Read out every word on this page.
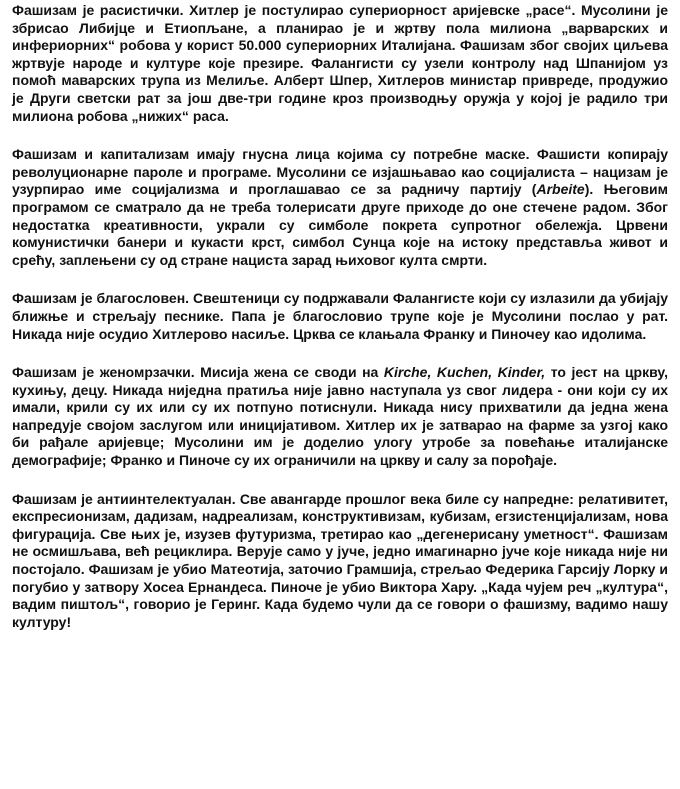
Фашизам је расистички. Хитлер је постулирао супериорност аријевске „расе“. Мусолини је збрисао Либијце и Етиопљане, а планирао је и жртву пола милиона „варварских и инфериорних“ робова у корист 50.000 супериорних Италијана. Фашизам због својих циљева жртвује народе и културе које презире. Фалангисти су узели контролу над Шпанијом уз помоћ маварских трупа из Мелиље. Алберт Шпер, Хитлеров министар привреде, продужио је Други светски рат за још две-три године кроз производњу оружја у којој је радило три милиона робова „нижих“ раса.

Фашизам и капитализам имају гнусна лица којима су потребне маске. Фашисти копирају револуционарне пароле и програме. Мусолини се изјашњавао као социјалиста – нацизам је узурпирао име социјализма и проглашавао се за радничу партију (Arbeite). Његовим програмом се сматрало да не треба толерисати друге приходе до оне стечене радом. Због недостатка креативности, украли су симболе покрета супротног обележја. Црвени комунистички банери и кукасти крст, симбол Сунца које на истоку представља живот и срећу, заплењени су од стране нациста зарад њиховог култа смрти.

Фашизам је благословен. Свештеници су подржавали Фалангисте који су излазили да убијају ближње и стрељају песнике. Папа је благословио трупе које је Мусолини послао у рат. Никада није осудио Хитлерово насиље. Црква се клањала Франку и Пиночеу као идолима.

Фашизам је женомрзачки. Мисија жена се своди на Kirche, Kuchen, Kinder, то јест на цркву, кухињу, децу. Никада ниједна пратиља није јавно наступала уз свог лидера - они који су их имали, крили су их или су их потпуно потиснули. Никада нису прихватили да једна жена напредује својом заслугом или иницијативом. Хитлер их је затварао на фарме за узгој како би рађале аријевце; Мусолини им је доделио улогу утробе за повећање италијанске демографије; Франко и Пиноче су их ограничили на цркву и салу за порођаје.

Фашизам је антиинтелектуалан. Све авангарде прошлог века биле су напредне: релативитет, експресионизам, дадизам, надреализам, конструктивизам, кубизам, егзистенцијализам, нова фигурација. Све њих је, изузев футуризма, третирао као „дегенерисану уметност“. Фашизам не осмишљава, већ рециклира. Верује само у јуче, једно имагинарно јуче које никада није ни постојало. Фашизам је убио Матеотија, заточио Грамшија, стрељао Федерика Гарсију Лорку и погубио у затвору Хосеа Ернандеса. Пиноче је убио Виктора Хару. „Када чујем реч „култура“, вадим пиштољ“, говорио је Геринг. Када будемо чули да се говори о фашизму, вадимо нашу културу!
